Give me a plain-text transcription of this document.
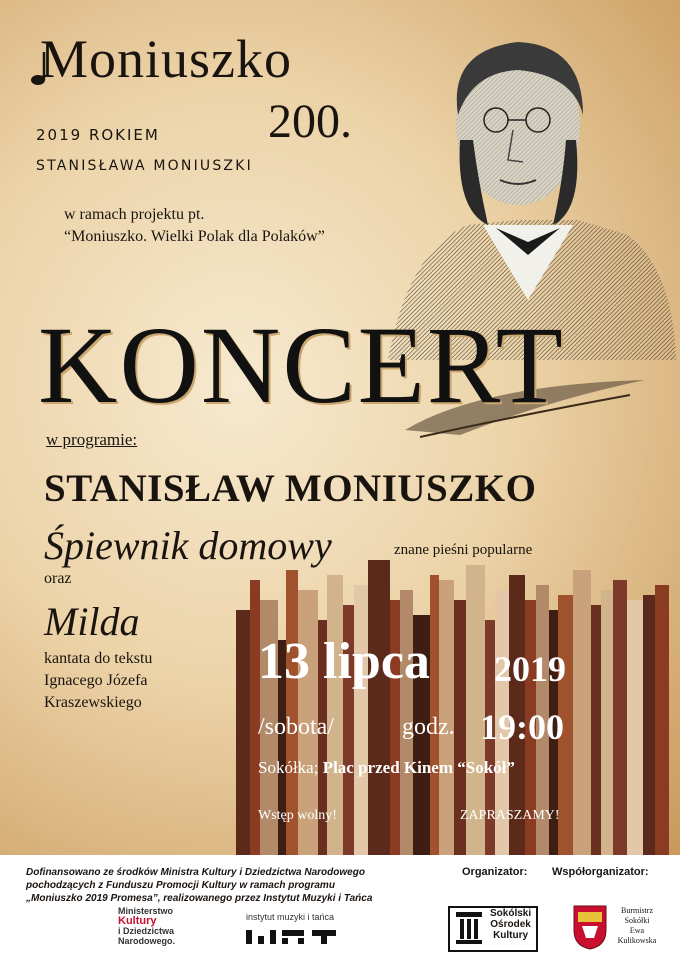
Moniuszko
200.
2019 ROKIEM
STANISŁAWA MONIUSZKI
w ramach projektu pt.
“Moniuszko. Wielki Polak dla Polaków”
KONCERT
w programie:
STANISŁAW MONIUSZKO
Śpiewnik domowy	znane pieśni popularne
oraz
Milda
kantata do tekstu
Ignacego Józefa
Kraszewskiego
13 lipca 2019
/sobota/	godz. 19:00
Sokółka; Plac przed Kinem “Sokół”
Wstęp wolny!	ZAPRASZAMY!
Dofinansowano ze środków Ministra Kultury i Dziedzictwa Narodowego
pochodzących z Funduszu Promocji Kultury w ramach programu
„Moniuszko 2019 Promesa”, realizowanego przez Instytut Muzyki i Tańca
Organizator: Współorganizator:
Ministerstwo
Kultury
i Dziedzictwa
Narodowego.
instytut muzyki i tańca	Sokólski
Ośrodek
Kultury
Burmistrz
Sokółki
Ewa
Kulikowska
